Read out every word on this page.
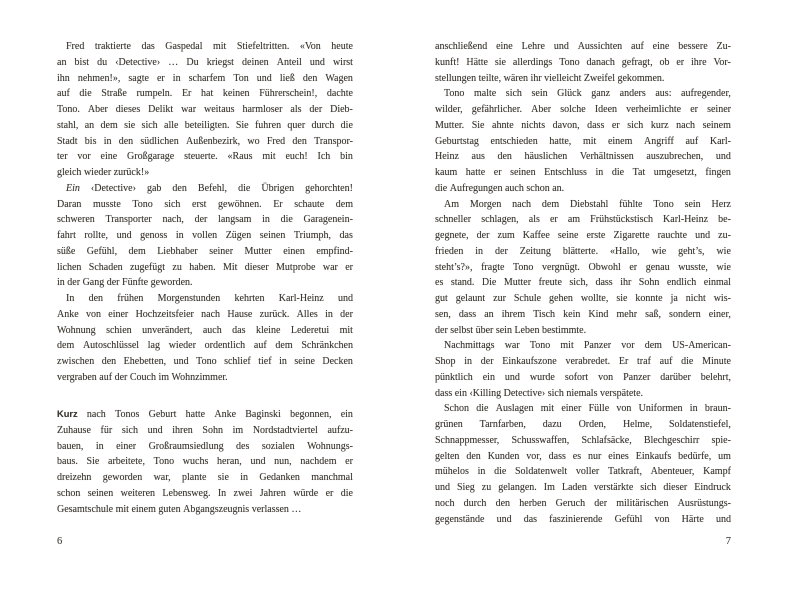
Fred traktierte das Gaspedal mit Stiefeltritten. «Von heute
an bist du ‹Detective› … Du kriegst deinen Anteil und wirst
ihn nehmen!», sagte er in scharfem Ton und ließ den Wagen
auf die Straße rumpeln. Er hat keinen Führerschein!, dachte
Tono. Aber dieses Delikt war weitaus harmloser als der Dieb-
stahl, an dem sie sich alle beteiligten. Sie fuhren quer durch die
Stadt bis in den südlichen Außenbezirk, wo Fred den Transpor-
ter vor eine Großgarage steuerte. «Raus mit euch! Ich bin
gleich wieder zurück!»
Ein ‹Detective› gab den Befehl, die Übrigen gehorchten!
Daran musste Tono sich erst gewöhnen. Er schaute dem
schweren Transporter nach, der langsam in die Garagenein-
fahrt rollte, und genoss in vollen Zügen seinen Triumph, das
süße Gefühl, dem Liebhaber seiner Mutter einen empfind-
lichen Schaden zugefügt zu haben. Mit dieser Mutprobe war er
in der Gang der Fünfte geworden.
In den frühen Morgenstunden kehrten Karl-Heinz und
Anke von einer Hochzeitsfeier nach Hause zurück. Alles in der
Wohnung schien unverändert, auch das kleine Lederetui mit
dem Autoschlüssel lag wieder ordentlich auf dem Schränkchen
zwischen den Ehebetten, und Tono schlief tief in seine Decken
vergraben auf der Couch im Wohnzimmer.
Kurz nach Tonos Geburt hatte Anke Baginski begonnen, ein
Zuhause für sich und ihren Sohn im Nordstadtviertel aufzu-
bauen, in einer Großraumsiedlung des sozialen Wohnungs-
baus. Sie arbeitete, Tono wuchs heran, und nun, nachdem er
dreizehn geworden war, plante sie in Gedanken manchmal
schon seinen weiteren Lebensweg. In zwei Jahren würde er die
Gesamtschule mit einem guten Abgangszeugnis verlassen …
anschließend eine Lehre und Aussichten auf eine bessere Zu-
kunft! Hätte sie allerdings Tono danach gefragt, ob er ihre Vor-
stellungen teilte, wären ihr vielleicht Zweifel gekommen.
Tono malte sich sein Glück ganz anders aus: aufregender,
wilder, gefährlicher. Aber solche Ideen verheimlichte er seiner
Mutter. Sie ahnte nichts davon, dass er sich kurz nach seinem
Geburtstag entschieden hatte, mit einem Angriff auf Karl-
Heinz aus den häuslichen Verhältnissen auszubrechen, und
kaum hatte er seinen Entschluss in die Tat umgesetzt, fingen
die Aufregungen auch schon an.
Am Morgen nach dem Diebstahl fühlte Tono sein Herz
schneller schlagen, als er am Frühstückstisch Karl-Heinz be-
gegnete, der zum Kaffee seine erste Zigarette rauchte und zu-
frieden in der Zeitung blätterte. «Hallo, wie geht’s, wie
steht’s?», fragte Tono vergnügt. Obwohl er genau wusste, wie
es stand. Die Mutter freute sich, dass ihr Sohn endlich einmal
gut gelaunt zur Schule gehen wollte, sie konnte ja nicht wis-
sen, dass an ihrem Tisch kein Kind mehr saß, sondern einer,
der selbst über sein Leben bestimmte.
Nachmittags war Tono mit Panzer vor dem US-American-
Shop in der Einkaufszone verabredet. Er traf auf die Minute
pünktlich ein und wurde sofort von Panzer darüber belehrt,
dass ein ‹Killing Detective› sich niemals verspätete.
Schon die Auslagen mit einer Fülle von Uniformen in braun-
grünen Tarnfarben, dazu Orden, Helme, Soldatenstiefel,
Schnappmesser, Schusswaffen, Schlafsäcke, Blechgeschirr spie-
gelten den Kunden vor, dass es nur eines Einkaufs bedürfe, um
mühelos in die Soldatenwelt voller Tatkraft, Abenteuer, Kampf
und Sieg zu gelangen. Im Laden verstärkte sich dieser Eindruck
noch durch den herben Geruch der militärischen Ausrüstungs-
gegenstände und das faszinierende Gefühl von Härte und
6	7
